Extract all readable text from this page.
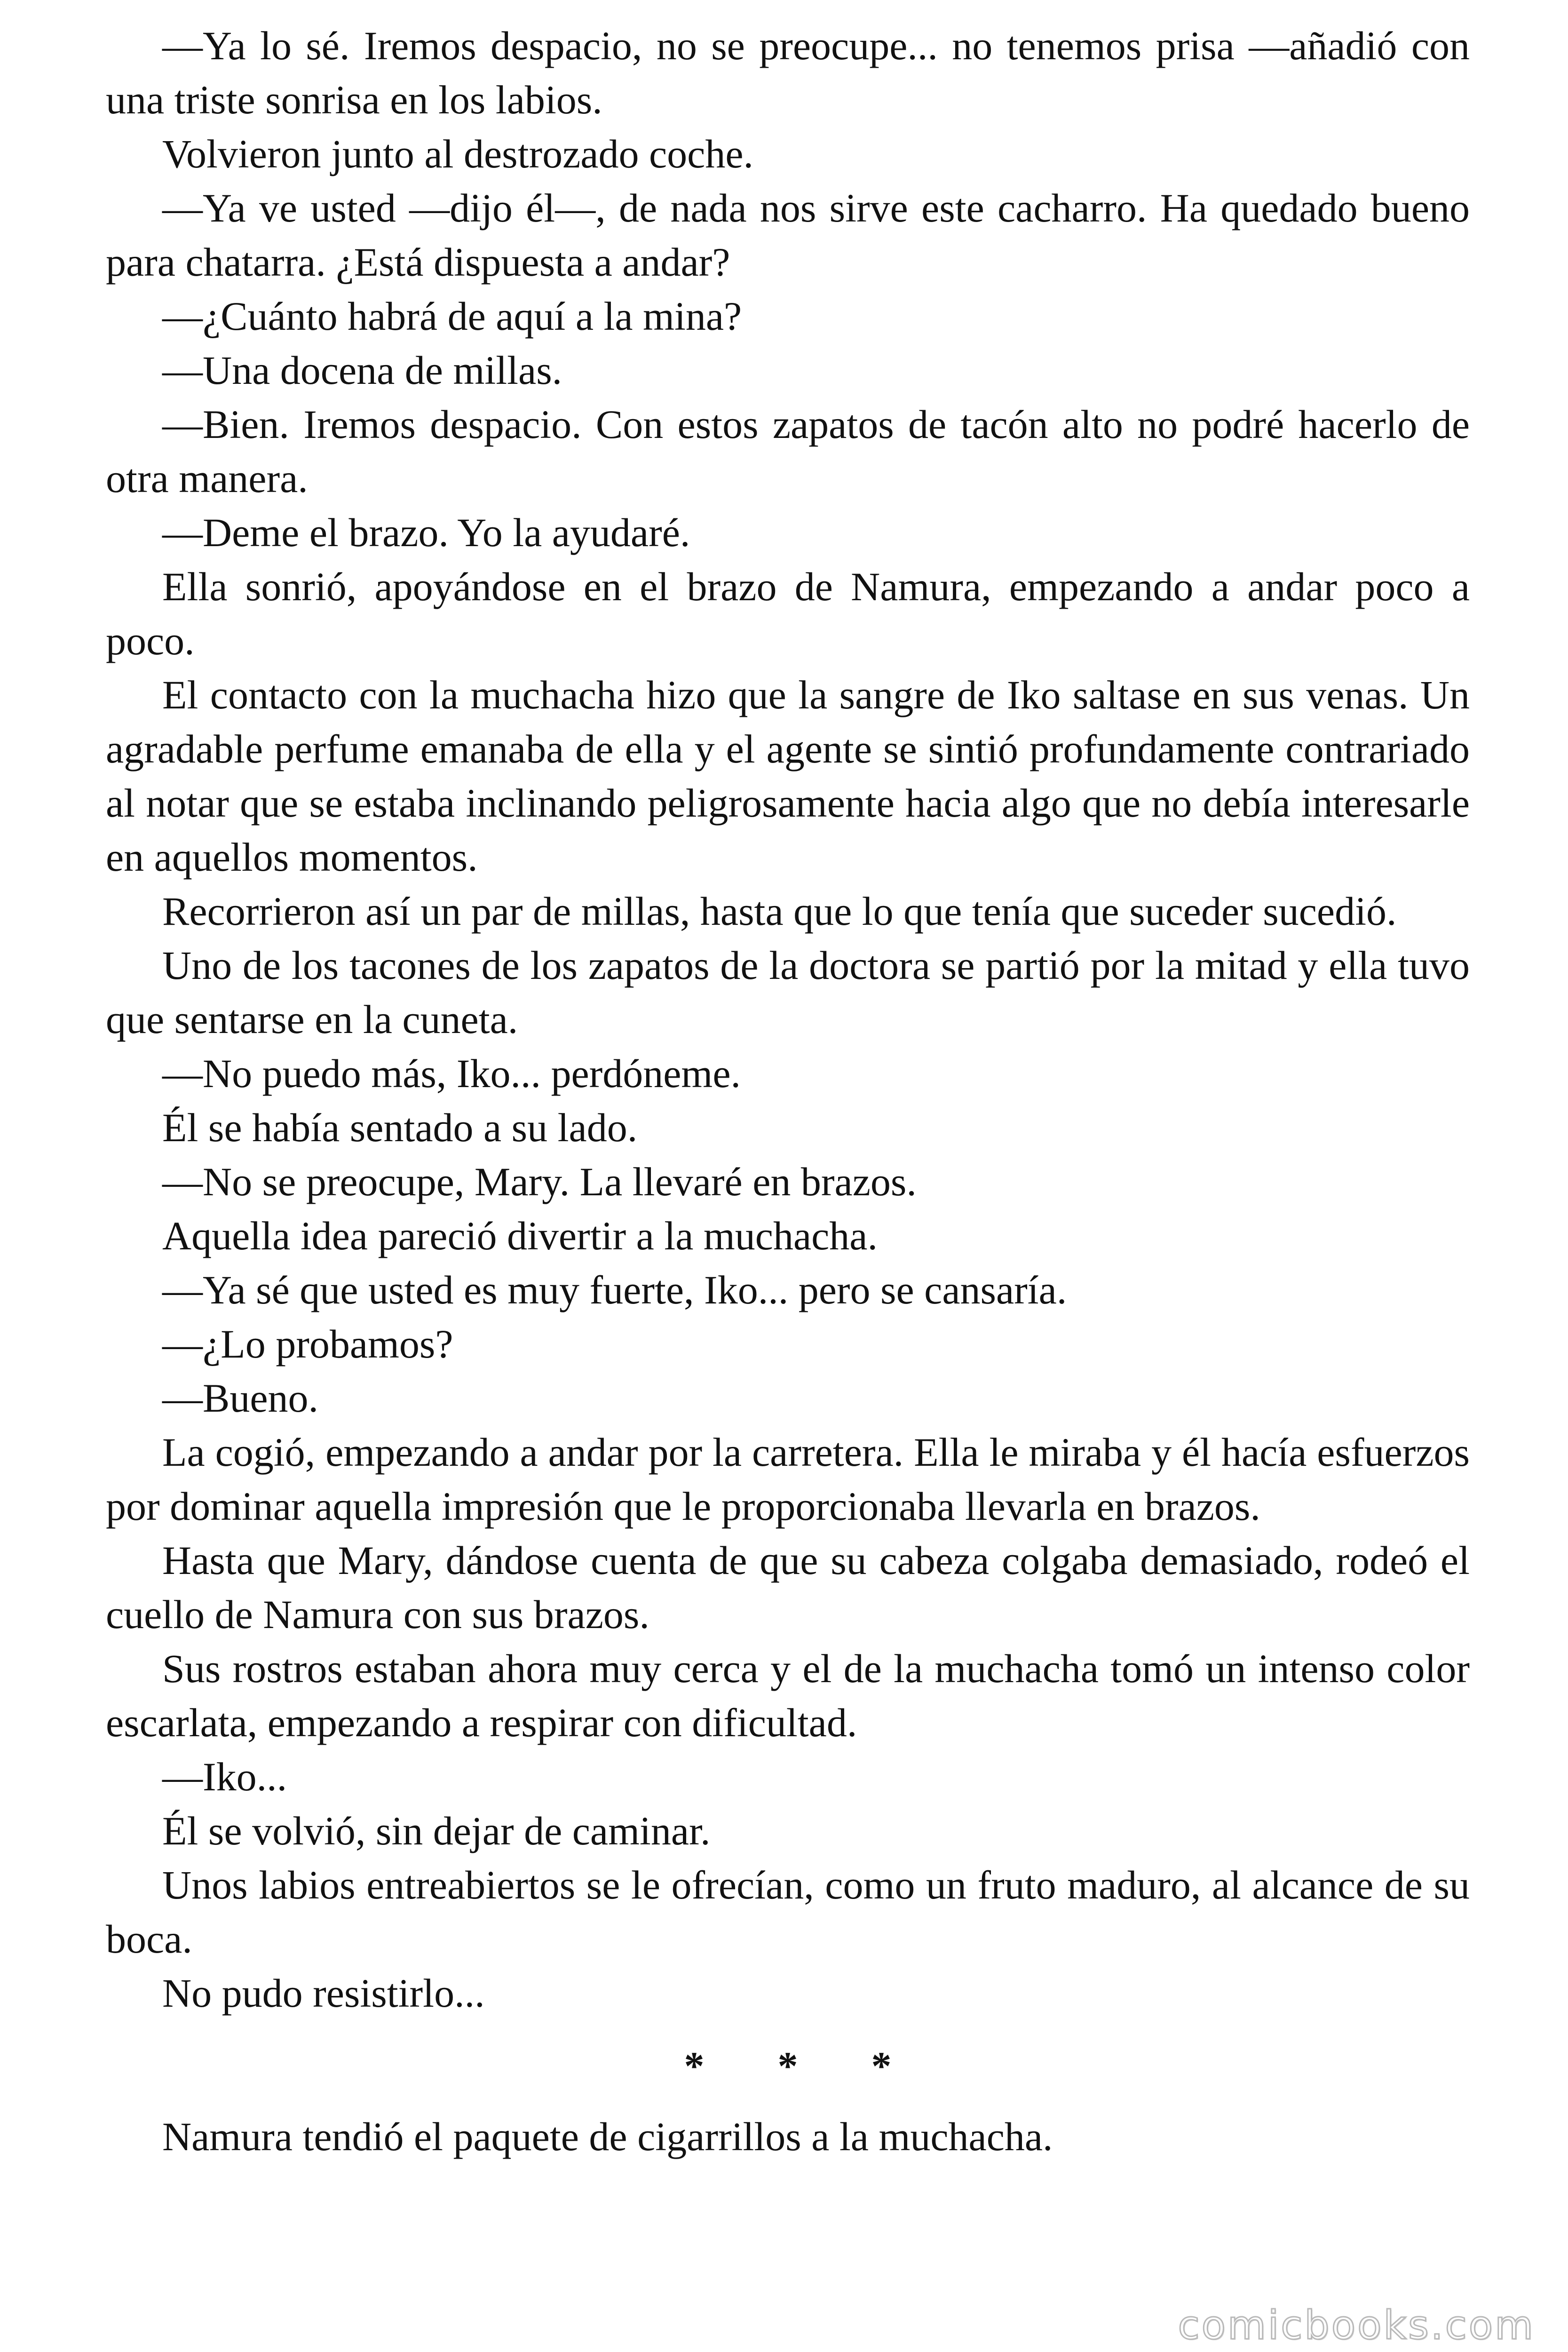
—Ya lo sé. Iremos despacio, no se preocupe... no tenemos prisa —añadió con una triste sonrisa en los labios.

Volvieron junto al destrozado coche.

—Ya ve usted —dijo él—, de nada nos sirve este cacharro. Ha quedado bueno para chatarra. ¿Está dispuesta a andar?

—¿Cuánto habrá de aquí a la mina?

—Una docena de millas.

—Bien. Iremos despacio. Con estos zapatos de tacón alto no podré hacerlo de otra manera.

—Deme el brazo. Yo la ayudaré.

Ella sonrió, apoyándose en el brazo de Namura, empezando a andar poco a poco.

El contacto con la muchacha hizo que la sangre de Iko saltase en sus venas. Un agradable perfume emanaba de ella y el agente se sintió profundamente contrariado al notar que se estaba inclinando peligrosamente hacia algo que no debía interesarle en aquellos momentos.

Recorrieron así un par de millas, hasta que lo que tenía que suceder sucedió.

Uno de los tacones de los zapatos de la doctora se partió por la mitad y ella tuvo que sentarse en la cuneta.

—No puedo más, Iko... perdóneme.

Él se había sentado a su lado.

—No se preocupe, Mary. La llevaré en brazos.

Aquella idea pareció divertir a la muchacha.

—Ya sé que usted es muy fuerte, Iko... pero se cansaría.

—¿Lo probamos?

—Bueno.

La cogió, empezando a andar por la carretera. Ella le miraba y él hacía esfuerzos por dominar aquella impresión que le proporcionaba llevarla en brazos.

Hasta que Mary, dándose cuenta de que su cabeza colgaba demasiado, rodeó el cuello de Namura con sus brazos.

Sus rostros estaban ahora muy cerca y el de la muchacha tomó un intenso color escarlata, empezando a respirar con dificultad.

—Iko...

Él se volvió, sin dejar de caminar.

Unos labios entreabiertos se le ofrecían, como un fruto maduro, al alcance de su boca.

No pudo resistirlo...

* * *

Namura tendió el paquete de cigarrillos a la muchacha.

comicbooks.com
